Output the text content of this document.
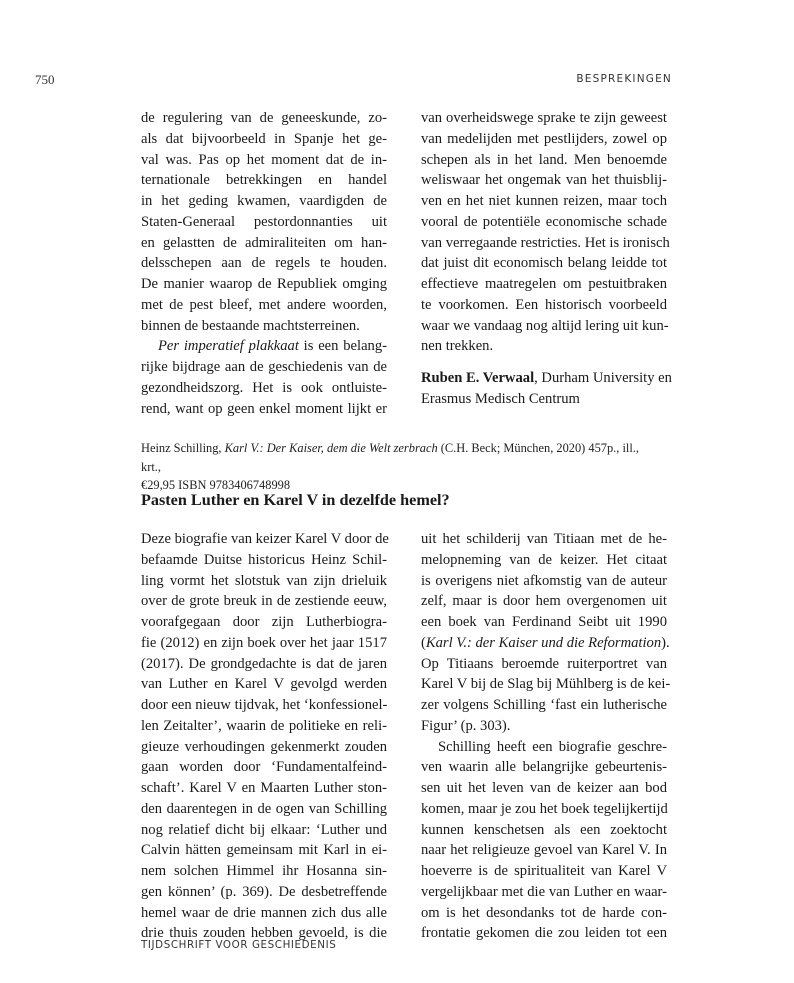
750	BESPREKINGEN

de regulering van de geneeskunde, zo-
als dat bijvoorbeeld in Spanje het ge-
val was. Pas op het moment dat de in-
ternationale betrekkingen en handel
in het geding kwamen, vaardigden de
Staten-Generaal pestordonnanties uit
en gelastten de admiraliteiten om han-
delsschepen aan de regels te houden.
De manier waarop de Republiek omging
met de pest bleef, met andere woorden,
binnen de bestaande machtsterreinen.

Per imperatief plakkaat is een belang-
rijke bijdrage aan de geschiedenis van de
gezondheidszorg. Het is ook ontluiste-
rend, want op geen enkel moment lijkt er

van overheidswege sprake te zijn geweest
van medelijden met pestlijders, zowel op
schepen als in het land. Men benoemde
weliswaar het ongemak van het thuisblij-
ven en het niet kunnen reizen, maar toch
vooral de potentiële economische schade
van verregaande restricties. Het is ironisch
dat juist dit economisch belang leidde tot
effectieve maatregelen om pestuitbraken
te voorkomen. Een historisch voorbeeld
waar we vandaag nog altijd lering uit kun-
nen trekken.

Ruben E. Verwaal, Durham University en
Erasmus Medisch Centrum

Heinz Schilling, Karl V.: Der Kaiser, dem die Welt zerbrach (C.H. Beck; München, 2020) 457p., ill., krt.,
€29,95 ISBN 9783406748998
Pasten Luther en Karel V in dezelfde hemel?

Deze biografie van keizer Karel V door de
befaamde Duitse historicus Heinz Schil-
ling vormt het slotstuk van zijn drieluik
over de grote breuk in de zestiende eeuw,
voorafgegaan door zijn Lutherbiogra-
fie (2012) en zijn boek over het jaar 1517
(2017). De grondgedachte is dat de jaren
van Luther en Karel V gevolgd werden
door een nieuw tijdvak, het ‘konfessionel-
len Zeitalter’, waarin de politieke en reli-
gieuze verhoudingen gekenmerkt zouden
gaan worden door ‘Fundamentalfeind-
schaft’. Karel V en Maarten Luther ston-
den daarentegen in de ogen van Schilling
nog relatief dicht bij elkaar: ‘Luther und
Calvin hätten gemeinsam mit Karl in ei-
nem solchen Himmel ihr Hosanna sin-
gen können’ (p. 369). De desbetreffende
hemel waar de drie mannen zich dus alle
drie thuis zouden hebben gevoeld, is die

uit het schilderij van Titiaan met de he-
melopneming van de keizer. Het citaat
is overigens niet afkomstig van de auteur
zelf, maar is door hem overgenomen uit
een boek van Ferdinand Seibt uit 1990
(Karl V.: der Kaiser und die Reformation).
Op Titiaans beroemde ruiterportret van
Karel V bij de Slag bij Mühlberg is de kei-
zer volgens Schilling ‘fast ein lutherische
Figur’ (p. 303).

Schilling heeft een biografie geschre-
ven waarin alle belangrijke gebeurtenis-
sen uit het leven van de keizer aan bod
komen, maar je zou het boek tegelijkertijd
kunnen kenschetsen als een zoektocht
naar het religieuze gevoel van Karel V. In
hoeverre is de spiritualiteit van Karel V
vergelijkbaar met die van Luther en waar-
om is het desondanks tot de harde con-
frontatie gekomen die zou leiden tot een

TIJDSCHRIFT VOOR GESCHIEDENIS
